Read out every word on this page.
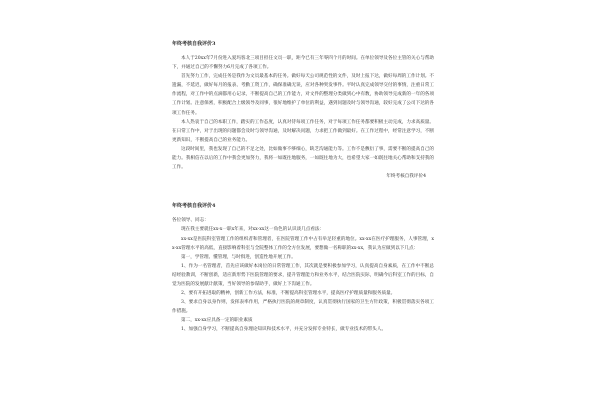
年终考核自我评价3

本人于20xx年7月份进入爱玛客北三项目担任文员一职，距今已有三年零四个月的时间。在单位领导及各位主管的关心与帮助下，并通过自己的不懈努力6月完成了各项工作。

首先努力工作，完成任务是我作为文员最基本的任务。做好每天公司规范性的文件，及时上报下达，做好每周的工作计划。不遗漏，不延迟，做好每月的报表、考勤工资工作，确保准确无误，应对各种突发事件。平时认真完成领导交付的事情，注重日常工作流程，对工作中的点滴都用心记录，不断提高自己的工作能力，对文件的整理分类做到心中有数，协助领导完成新的一年的各项工作计划。注意保密，积极配合上级领导及同事，很好地维护了单位的利益，遇到问题及时与领导沟通，较好完成了公司下达的各项工作任务。

本人热衷于自己的本职工作，踏实的工作态度，认真对待每项工作任务，对于每项工作任务都要积极主动完成，力求高质量。在日常工作中，对于出现的问题都会及时与领导沟通，及时解决问题，力求把工作做到最好。在工作过程中，经常注意学习，不断更新知识，不断提高自己的业务能力。

这段时间里，我也发现了自己的不足之处，比如做事不够细心，缺乏沟通能力等。工作不是敷衍了事，需要不断的提高自己的能力。我相信在以后的工作中我会更加努力，我将一如既往地服务，一如既往地为大，也希望大家一如既往地关心帮助和支持我的工作。

年终考核自我评价4

年终考核自我评价4

各位领导、同志：

现在我主要就任xx-x一职x年来，对xx-xx这一角色的认识谈几点看法：

xx-xx是医院科室管理工作的组织者和管理者，在医院管理工作中占有举足轻重的地位。xx-xx在医疗护理服务，人事管理，xx-xx管理水平的高低，直接影响着科室与全院整体工作的全方位发展，要想做一名称职的xx-xx，我认为应做到以下几点：

第一，学管理、懂管理，与时俱进，创造性地开展工作。

1、作为一名管理者，首先应该做好本岗位的日常管理工作，其次就是要积极参加学习，认真提高自身素质，在工作中不断总结经验教训，不断创新，适应新形势下医院管理的要求，提升管理能力和业务水平，结合医院实际，明确今后科室工作的目标，自觉为医院的发展献计献策，当好领导的参谋助手，做好上下沟通工作。

2、要有开拓进取的精神，创新工作方法，标准，不断提高科室管理水平，提高医疗护理质量和服务质量。

3、要求自身以身作则，发挥表率作用，严格执行医院的规章制度，认真贯彻执行国家的卫生方针政策，积极贯彻落实各项工作措施。

第二，xx-xx应具备一定的职业素质

1、加强自身学习，不断提高自身理论知识和技术水平，并充分发挥专业特长，做专业技术的带头人。
